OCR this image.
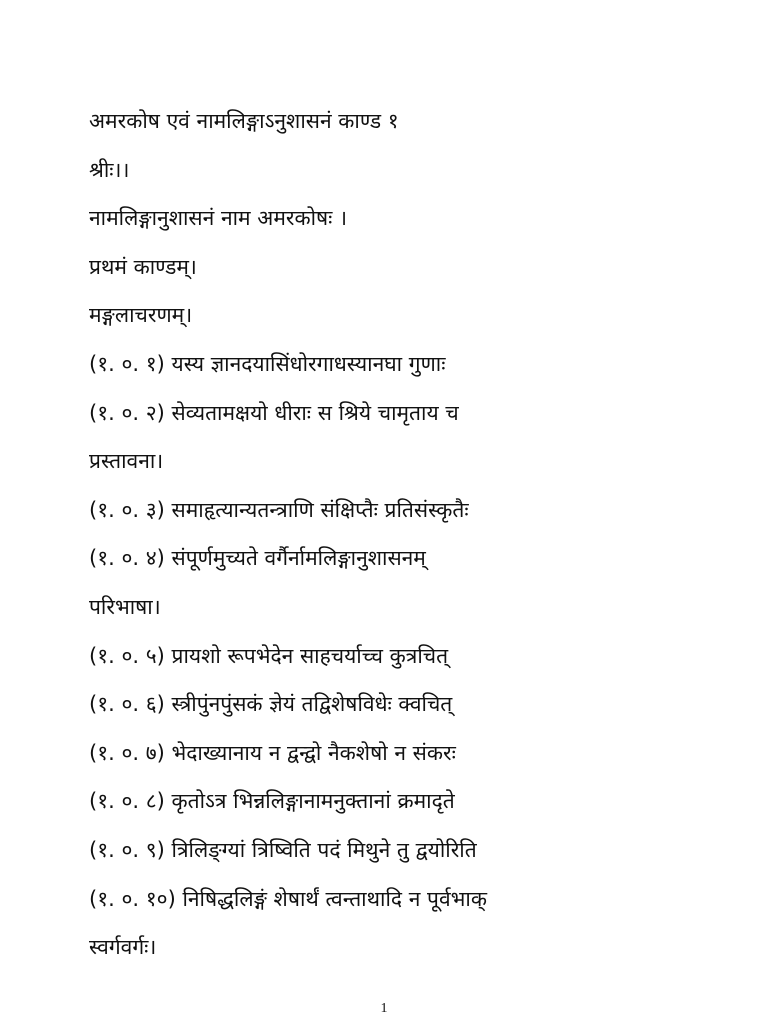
अमरकोष एवं नामलिङ्गाऽनुशासनं काण्ड १
श्रीः।।
नामलिङ्गानुशासनं नाम अमरकोषः ।
प्रथमं काण्डम्।
मङ्गलाचरणम्।
(१. ०. १) यस्य ज्ञानदयासिंधोरगाधस्यानघा गुणाः
(१. ०. २) सेव्यतामक्षयो धीराः स श्रिये चामृताय च
प्रस्तावना।
(१. ०. ३) समाहृत्यान्यतन्त्राणि संक्षिप्तैः प्रतिसंस्कृतैः
(१. ०. ४) संपूर्णमुच्यते वर्गैर्नामलिङ्गानुशासनम्
परिभाषा।
(१. ०. ५) प्रायशो रूपभेदेन साहचर्याच्च कुत्रचित्
(१. ०. ६) स्त्रीपुंनपुंसकं ज्ञेयं तद्विशेषविधेः क्वचित्
(१. ०. ७) भेदाख्यानाय न द्वन्द्वो नैकशेषो न संकरः
(१. ०. ८) कृतोऽत्र भिन्नलिङ्गानामनुक्तानां क्रमादृते
(१. ०. ९) त्रिलिङ्ग्यां त्रिष्विति पदं मिथुने तु द्वयोरिति
(१. ०. १०) निषिद्धलिङ्गं शेषार्थं त्वन्ताथादि न पूर्वभाक्
स्वर्गवर्गः।
1
